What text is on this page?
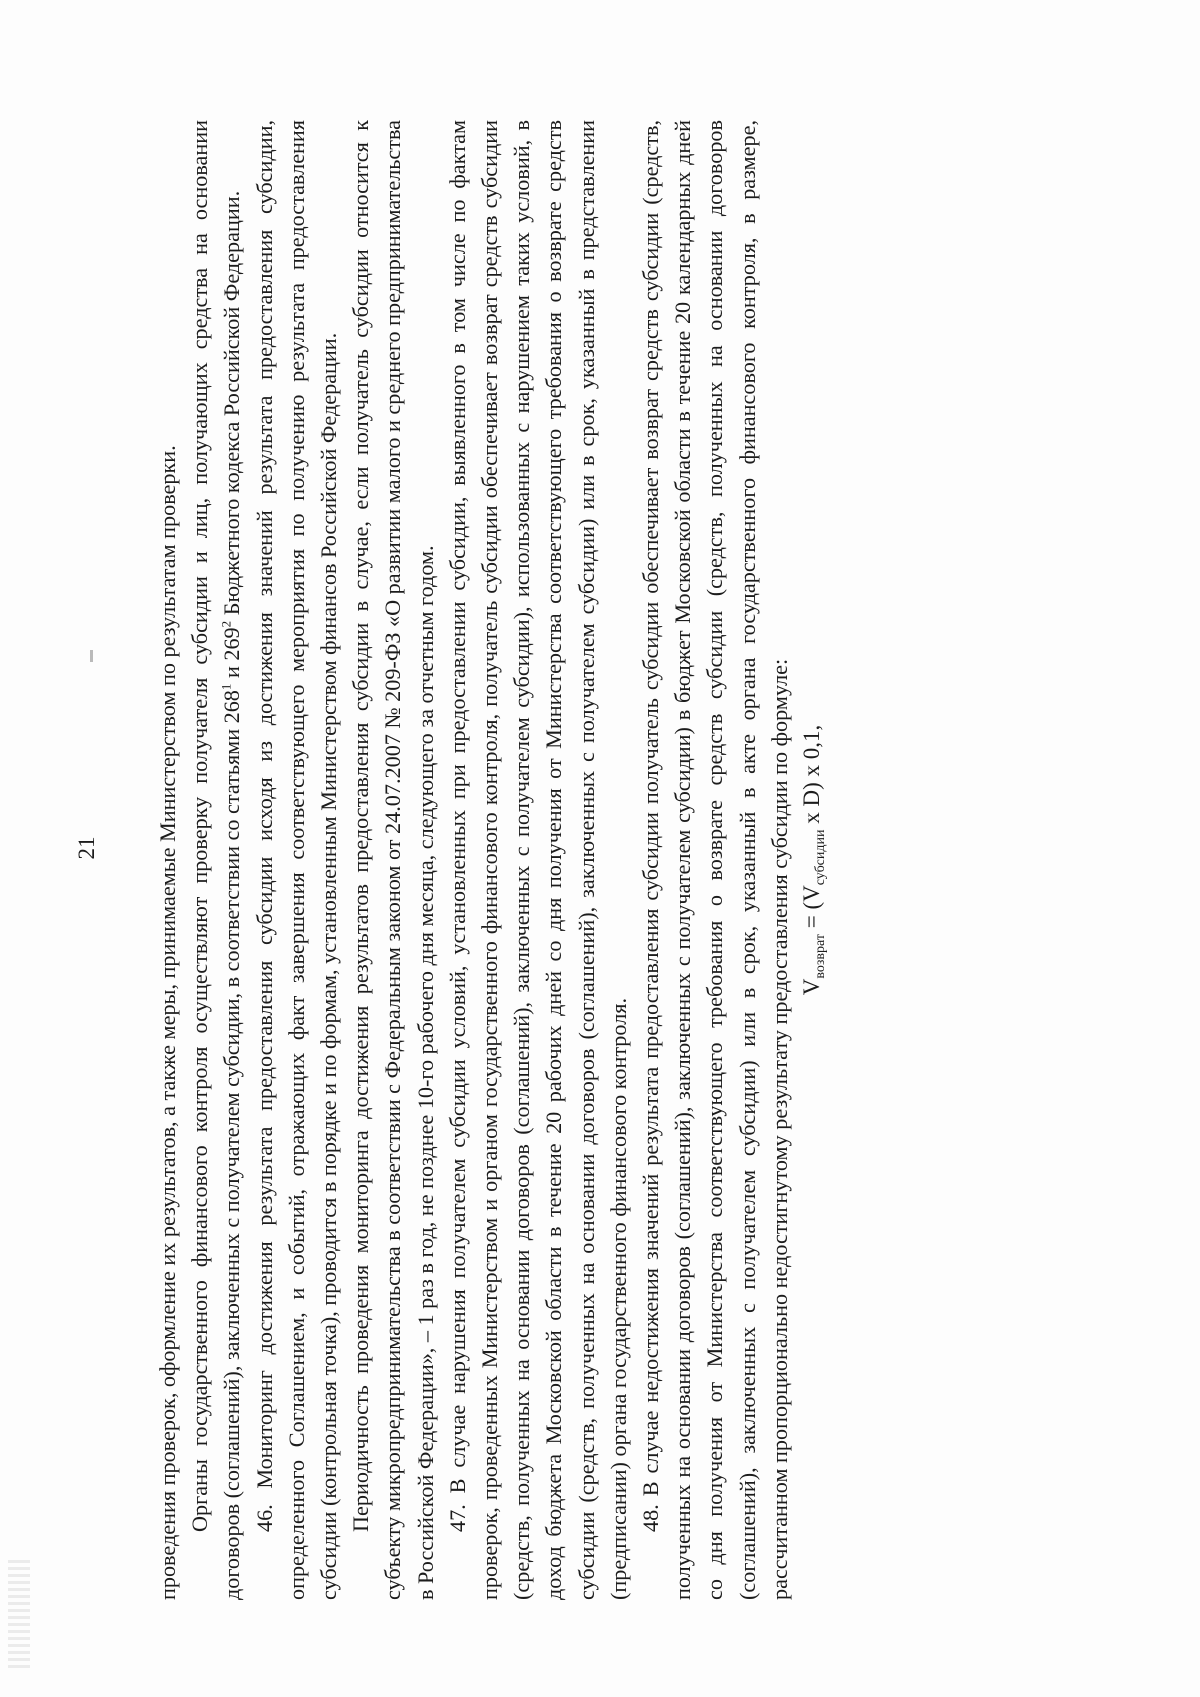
21	проведения проверок, оформление их результатов, а также меры, принимаемые Министерством по результатам проверки. Органы государственного финансового контроля осуществляют проверку получателя субсидии и лиц, получающих средства на основании договоров (соглашений), заключенных с получателем субсидии, в соответствии со статьями $268^1$ и $269^2$ Бюджетного кодекса Российской Федерации. 46. Мониторинг достижения результата предоставления субсидии исходя из достижения значений результата предоставления субсидии, определенного Соглашением, и событий, отражающих факт завершения соответствующего мероприятия по получению результата предоставления субсидии (контрольная точка), проводится в порядке и по формам, установленным Министерством финансов Российской Федерации. Периодичность проведения мониторинга достижения результатов предоставления субсидии в случае, если получатель субсидии относится к субъекту микропредпринимательства в соответствии с Федеральным законом от 24.07.2007 № 209-ФЗ «О развитии малого и среднего предпринимательства в Российской Федерации», – 1 раз в год, не позднее 10-го рабочего дня месяца, следующего за отчетным годом. 47. В случае нарушения получателем субсидии условий, установленных при предоставлении субсидии, выявленного в том числе по фактам проверок, проведенных Министерством и органом государственного финансового контроля, получатель субсидии обеспечивает возврат средств субсидии (средств, полученных на основании договоров (соглашений), заключенных с получателем субсидии), использованных с нарушением таких условий, в доход бюджета Московской области в течение 20 рабочих дней со дня получения от Министерства соответствующего требования о возврате средств субсидии (средств, полученных на основании договоров (соглашений), заключенных с получателем субсидии) или в срок, указанный в представлении (предписании) органа государственного финансового контроля. 48. В случае недостижения значений результата предоставления субсидии получатель субсидии обеспечивает возврат средств субсидии (средств, полученных на основании договоров (соглашений), заключенных с получателем субсидии) в бюджет Московской области в течение 20 календарных дней со дня получения от Министерства соответствующего требования о возврате средств субсидии (средств, полученных на основании договоров (соглашений), заключенных с получателем субсидии) или в срок, указанный в акте органа государственного финансового контроля, в размере, рассчитанном пропорционально недостигнутому результату предоставления субсидии по формуле: $V_{возврат} = (V_{субсидии}$ x D) x 0,1,
